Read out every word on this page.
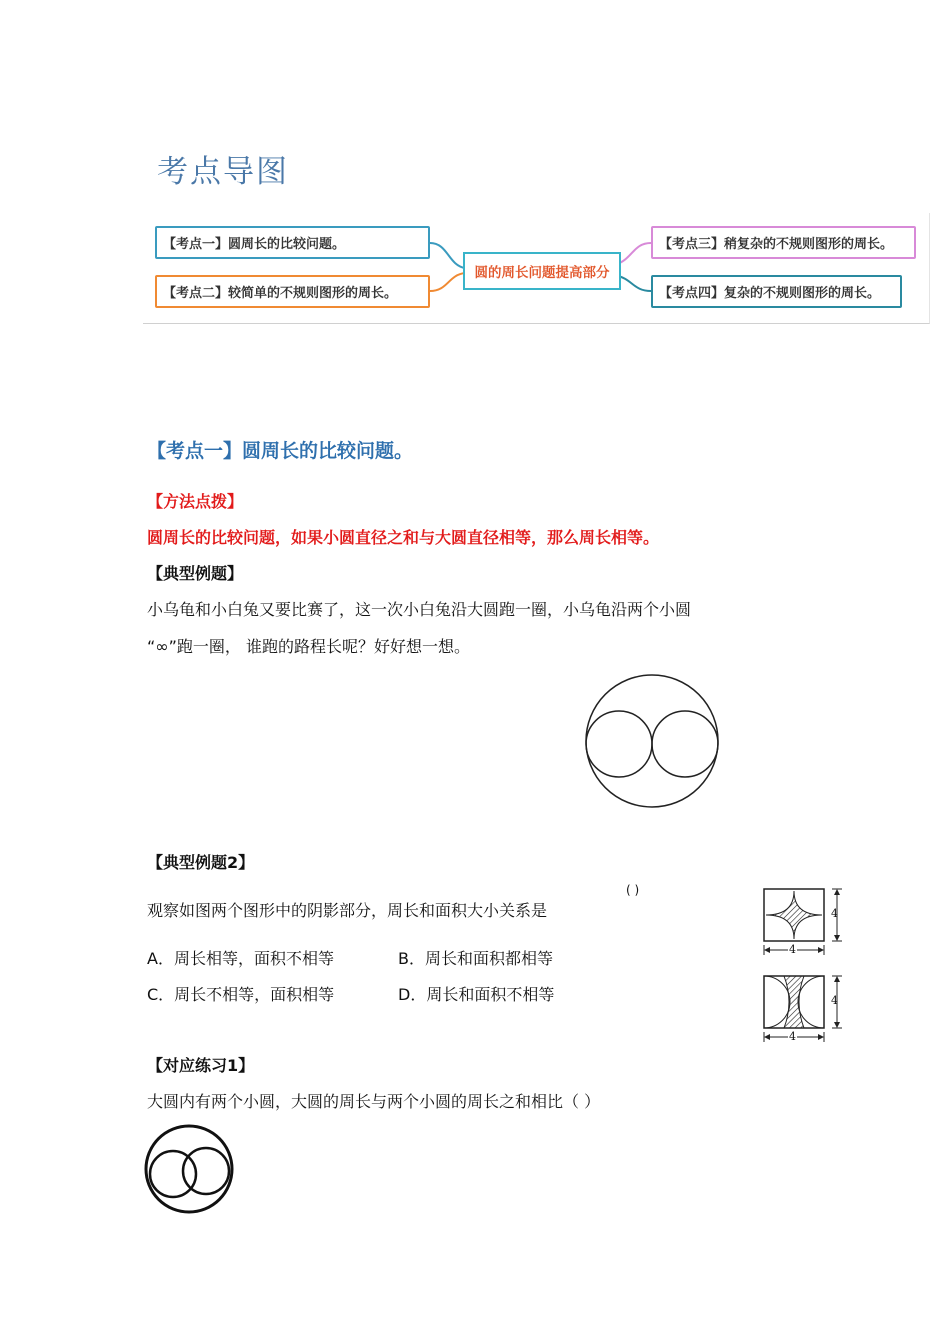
考点导图
【考点一】圆周长的比较问题。
【考点二】较简单的不规则图形的周长。
圆的周长问题提高部分
【考点三】稍复杂的不规则图形的周长。
【考点四】复杂的不规则图形的周长。
【考点一】圆周长的比较问题。
【方法点拨】
圆周长的比较问题，如果小圆直径之和与大圆直径相等，那么周长相等。
【典型例题】
小乌龟和小白兔又要比赛了，这一次小白兔沿大圆跑一圈，小乌龟沿两个小圆
“∞”跑一圈， 谁跑的路程长呢？好好想一想。
【典型例题2】
观察如图两个图形中的阴影部分，周长和面积大小关系是
( )
A．周长相等，面积不相等	B．周长和面积都相等
C．周长不相等，面积相等	D．周长和面积不相等
4
4
4
4
【对应练习1】
大圆内有两个小圆，大圆的周长与两个小圆的周长之和相比（ ）
